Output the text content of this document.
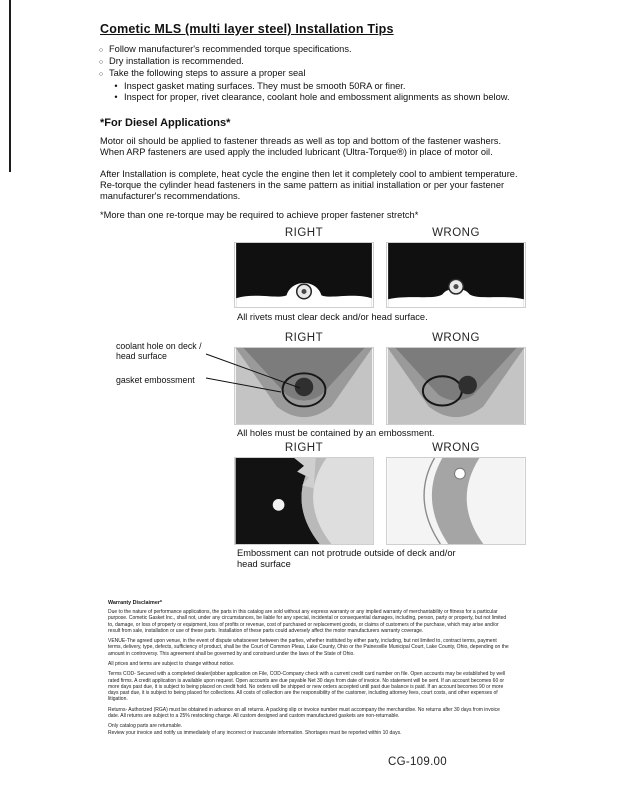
Cometic MLS (multi layer steel) Installation Tips
○
Follow manufacturer's recommended torque specifications.
○
Dry installation is recommended.
○
Take the following steps to assure a proper seal
•
Inspect gasket mating surfaces. They must be smooth 50RA or finer.
•
Inspect for proper, rivet clearance, coolant hole and embossment alignments as shown below.
*For Diesel Applications*

Motor oil should be applied to fastener threads as well as top and bottom of the fastener washers. When ARP fasteners are used apply the included lubricant (Ultra-Torque®) in place of motor oil.

After Installation is complete, heat cycle the engine then let it completely cool to ambient temperature. Re-torque the cylinder head fasteners in the same pattern as initial installation or per your fastener manufacturer's recommendations.

*More than one re-torque may be required to achieve proper fastener stretch*

RIGHT	WRONG
All rivets must clear deck and/or head surface.
RIGHT	WRONG
coolant hole on deck / head surface
gasket embossment
All holes must be contained by an embossment.
RIGHT	WRONG
Embossment can not protrude outside of deck and/or head surface
Warranty Disclaimer*

Due to the nature of performance applications, the parts in this catalog are sold without any express warranty or any implied warranty of merchantability or fitness for a particular purpose. Cometic Gasket Inc., shall not, under any circumstances, be liable for any special, incidental or consequential damages, including, person, party or property, but not limited to, damage, or loss of property or equipment, loss of profits or revenue, cost of purchased or replacement goods, or claims of customers of the purchase, which may arise and/or result from sale, installation or use of these parts. Installation of these parts could adversely affect the motor manufacturers warranty coverage.

VENUE-The agreed upon venue, in the event of dispute whatsoever between the parties, whether instituted by either party, including, but not limited to, contract terms, payment terms, delivery, type, defects, sufficiency of product, shall be the Court of Common Pleas, Lake County, Ohio or the Painesville Municipal Court, Lake County, Ohio, depending on the amount in controversy. This agreement shall be governed by and construed under the laws of the State of Ohio.

All prices and terms are subject to change without notice.

Terms COD- Secured with a completed dealer/jobber application on File, COD-Company check with a current credit card number on file. Open accounts may be established by well rated firms. A credit application is available upon request. Open accounts are due payable Net 30 days from date of invoice. No statement will be sent. If an account becomes 60 or more days past due, it is subject to being placed on credit hold. No orders will be shipped or new orders accepted until past due balance is paid. If an account becomes 90 or more days past due, it is subject to being placed for collections. All costs of collection are the responsibility of the customer, including attorney fees, court costs, and other expenses of litigation.

Returns- Authorized (RGA) must be obtained in advance on all returns. A packing slip or invoice number must accompany the merchandise. No returns after 30 days from invoice date. All returns are subject to a 25% restocking charge. All custom designed and custom manufactured gaskets are non-returnable.

Only catalog parts are returnable.

Review your invoice and notify us immediately of any incorrect or inaccurate information. Shortages must be reported within 10 days.

CG-109.00
